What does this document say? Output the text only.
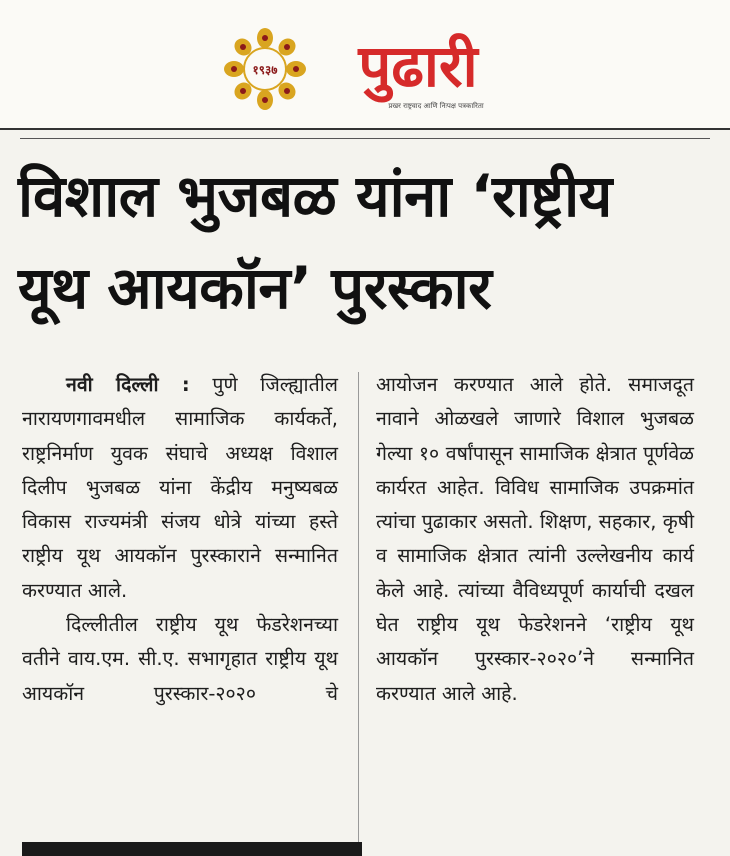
१९३७ पुढारी
प्रखर राष्ट्रवाद आणि निःपक्ष पत्रकारिता
विशाल भुजबळ यांना ‘राष्ट्रीय
यूथ आयकॉन’ पुरस्कार

नवी दिल्ली : पुणे जिल्ह्यातील नारायणगावमधील सामाजिक कार्यकर्ते, राष्ट्रनिर्माण युवक संघाचे अध्यक्ष विशाल दिलीप भुजबळ यांना केंद्रीय मनुष्यबळ विकास राज्यमंत्री संजय धोत्रे यांच्या हस्ते राष्ट्रीय यूथ आयकॉन पुरस्काराने सन्मानित करण्यात आले.

दिल्लीतील राष्ट्रीय यूथ फेडरेशनच्या वतीने वाय.एम. सी.ए. सभागृहात राष्ट्रीय यूथ आयकॉन पुरस्कार-२०२० चे

आयोजन करण्यात आले होते. समाजदूत नावाने ओळखले जाणारे विशाल भुजबळ गेल्या १० वर्षांपासून सामाजिक क्षेत्रात पूर्णवेळ कार्यरत आहेत. विविध सामाजिक उपक्रमांत त्यांचा पुढाकार असतो. शिक्षण, सहकार, कृषी व सामाजिक क्षेत्रात त्यांनी उल्लेखनीय कार्य केले आहे. त्यांच्या वैविध्यपूर्ण कार्याची दखल घेत राष्ट्रीय यूथ फेडरेशनने ‘राष्ट्रीय यूथ आयकॉन पुरस्कार-२०२०’ने सन्मानित करण्यात आले आहे.
